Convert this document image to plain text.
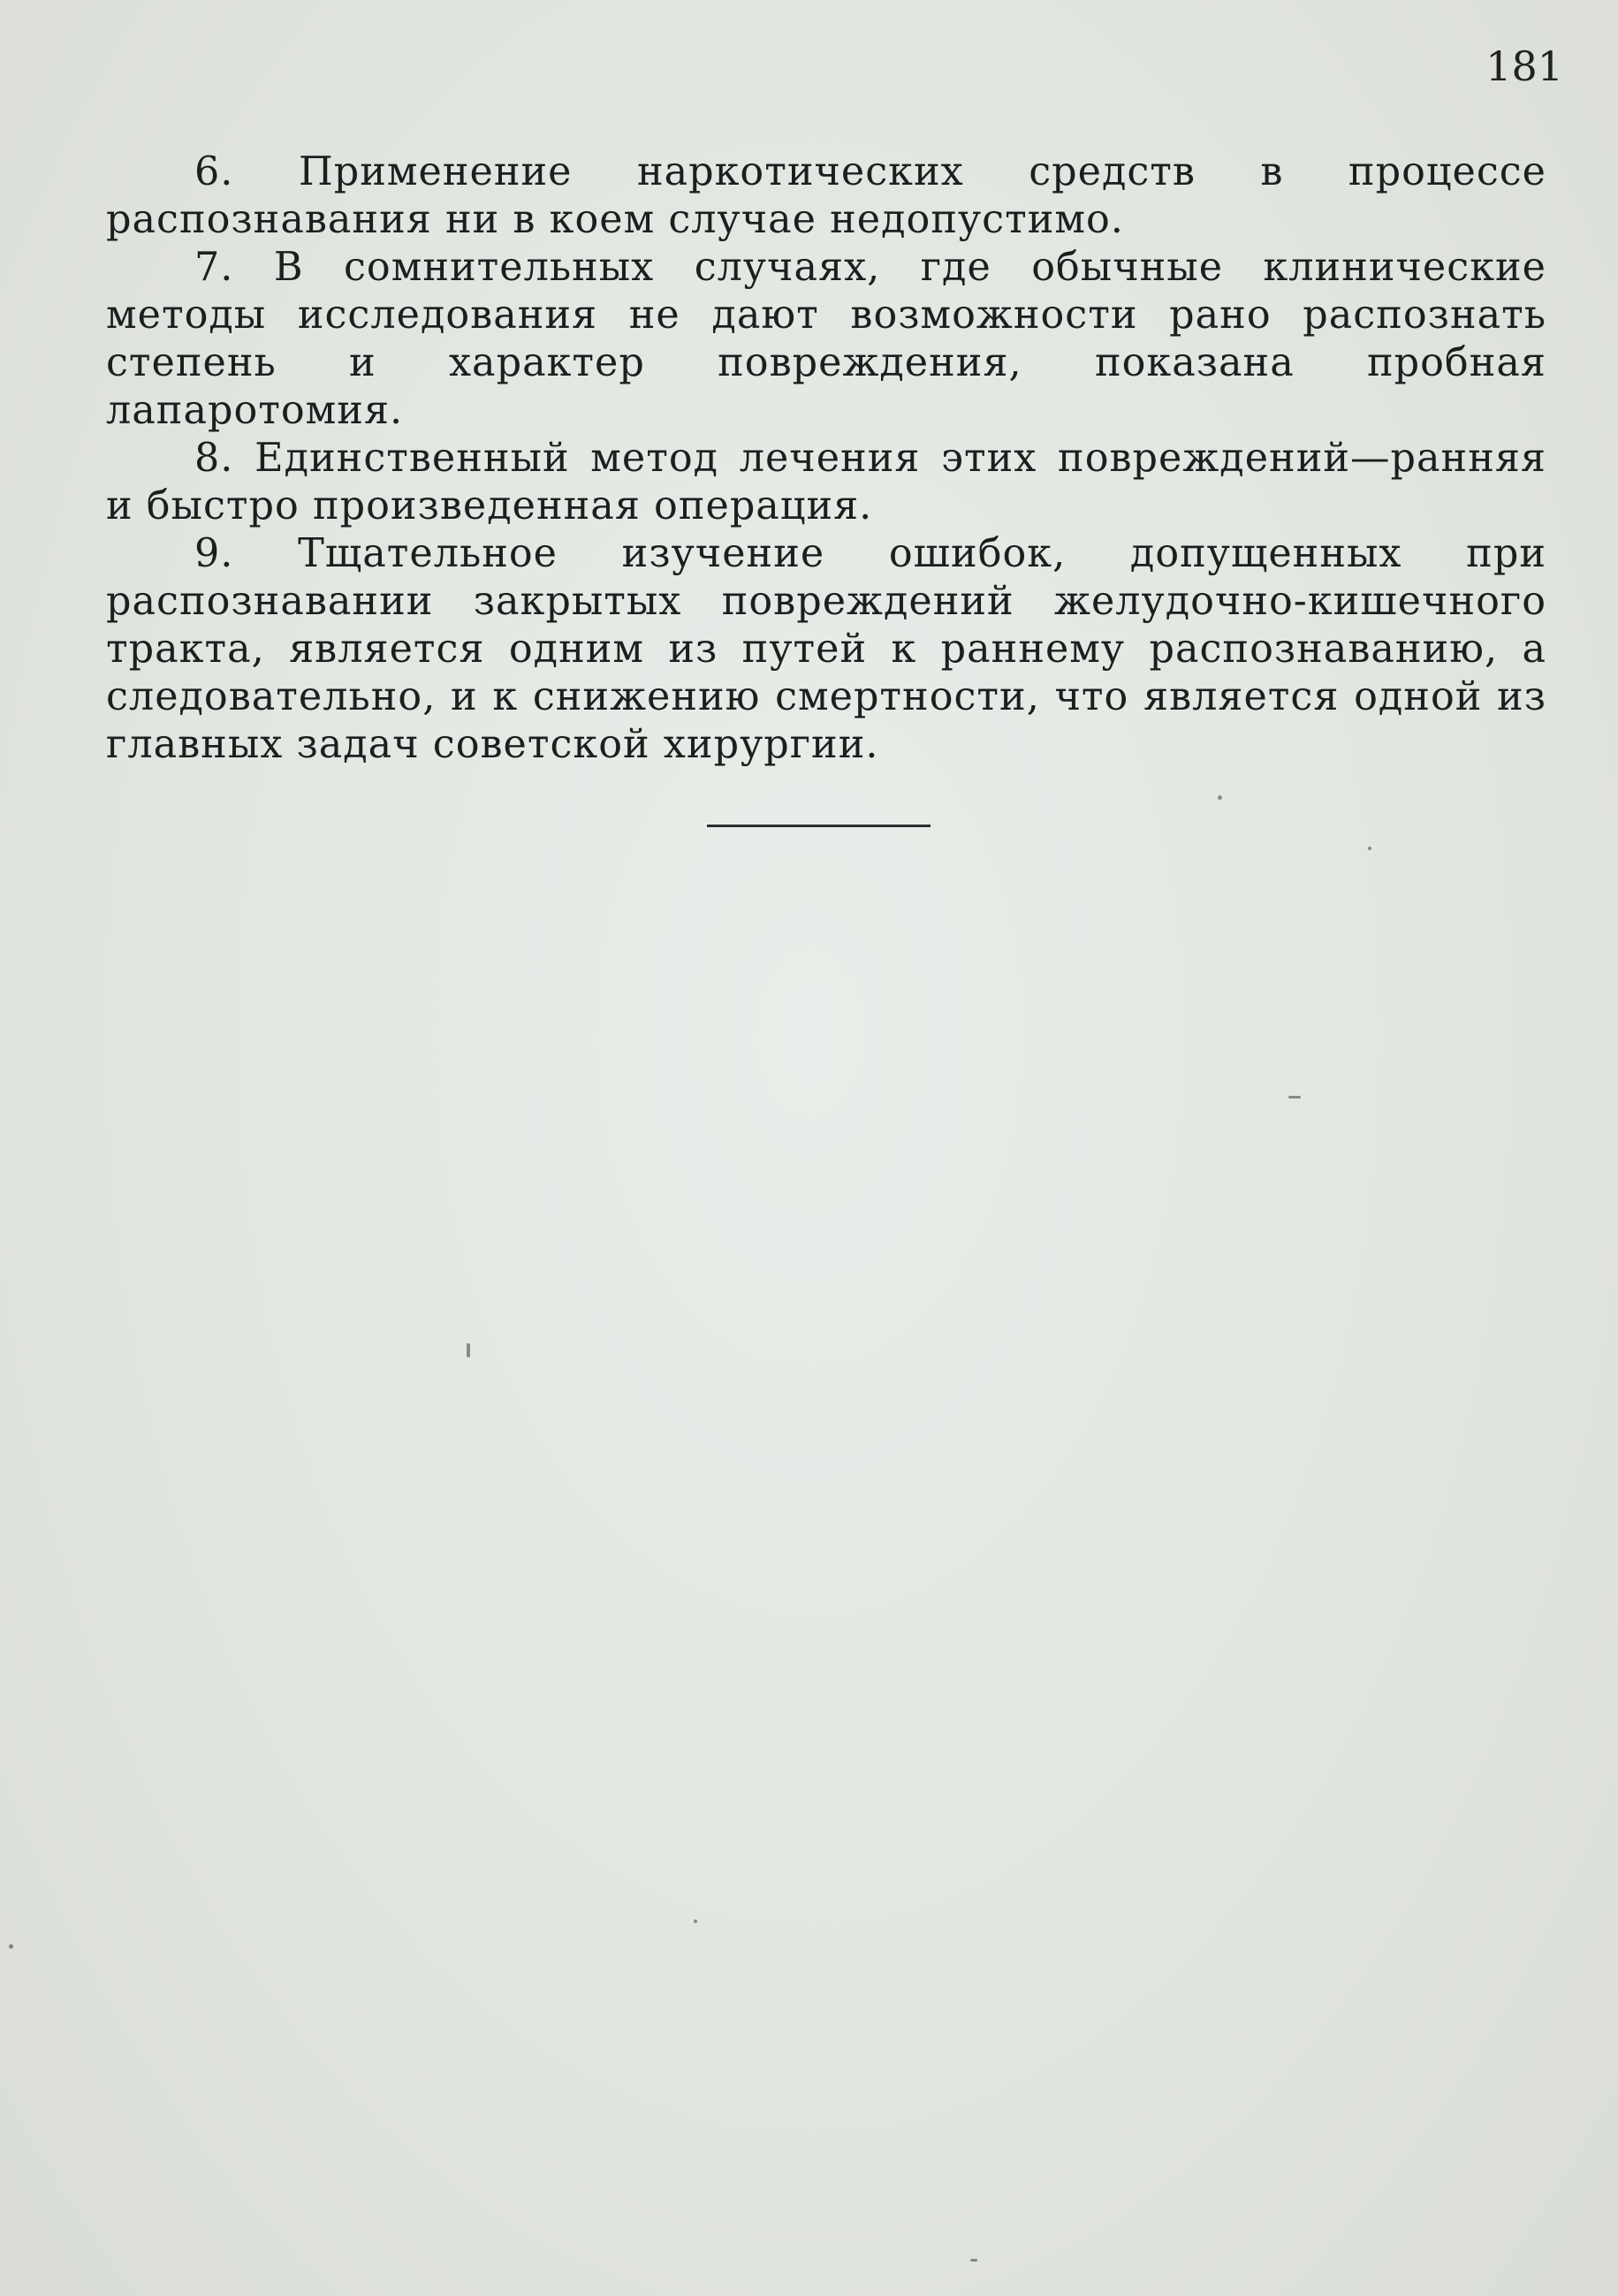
181

6. Применение наркотических средств в процессе распознавания ни в коем случае недопустимо.

7. В сомнительных случаях, где обычные клинические методы исследования не дают возможности рано распознать степень и характер повреждения, показана пробная лапаротомия.

8. Единственный метод лечения этих повреждений—ранняя и быстро произведенная операция.

9. Тщательное изучение ошибок, допущенных при распознавании закрытых повреждений желудочно-кишечного тракта, является одним из путей к раннему распознаванию, а следовательно, и к снижению смертности, что является одной из главных задач советской хирургии.
